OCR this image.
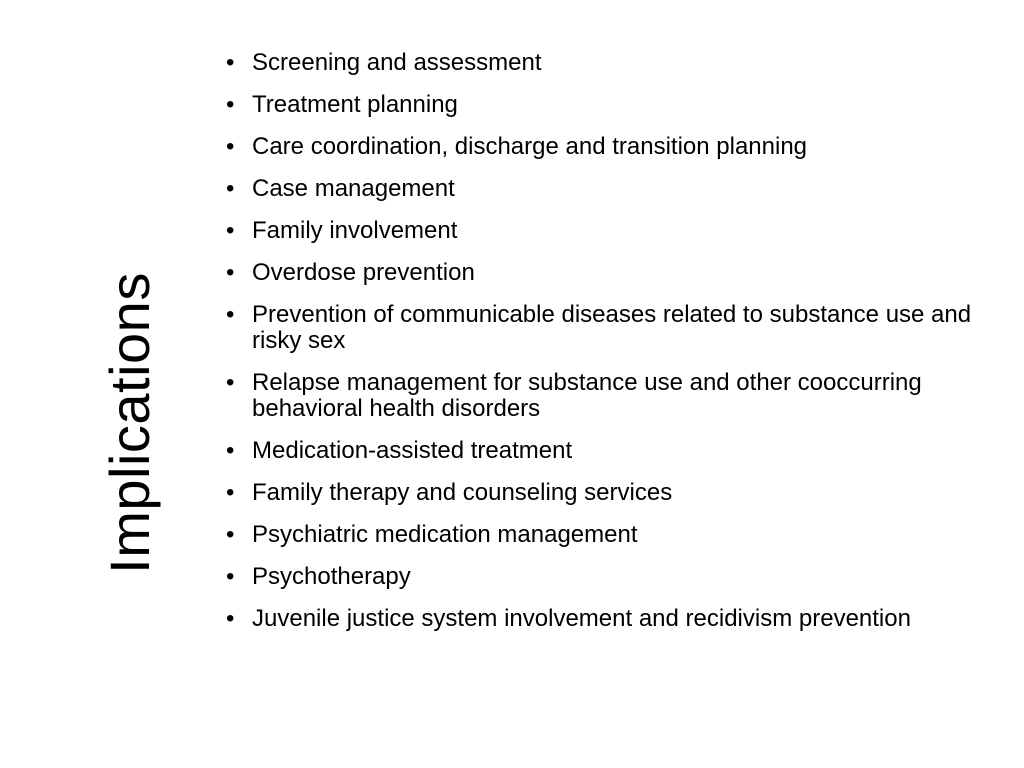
Implications
• Screening and assessment
• Treatment planning
• Care coordination, discharge and transition planning
• Case management
• Family involvement
• Overdose prevention
• Prevention of communicable diseases related to substance use and risky sex
• Relapse management for substance use and other cooccurring behavioral health disorders
• Medication-assisted treatment
• Family therapy and counseling services
• Psychiatric medication management
• Psychotherapy
• Juvenile justice system involvement and recidivism prevention
